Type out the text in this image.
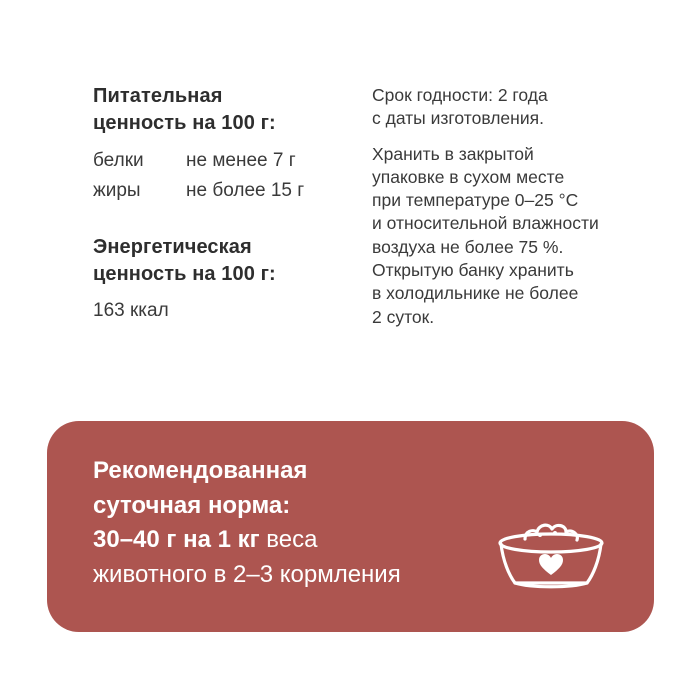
Питательная
ценность на 100 г:
белки	не менее 7 г
жиры	не более 15 г
Энергетическая
ценность на 100 г:
163 ккал
Срок годности: 2 года
с даты изготовления.
Хранить в закрытой
упаковке в сухом месте
при температуре 0–25 °С
и относительной влажности
воздуха не более 75 %.
Открытую банку хранить
в холодильнике не более
2 суток.
Рекомендованная
суточная норма:
30–40 г на 1 кг веса
животного в 2–3 кормления
